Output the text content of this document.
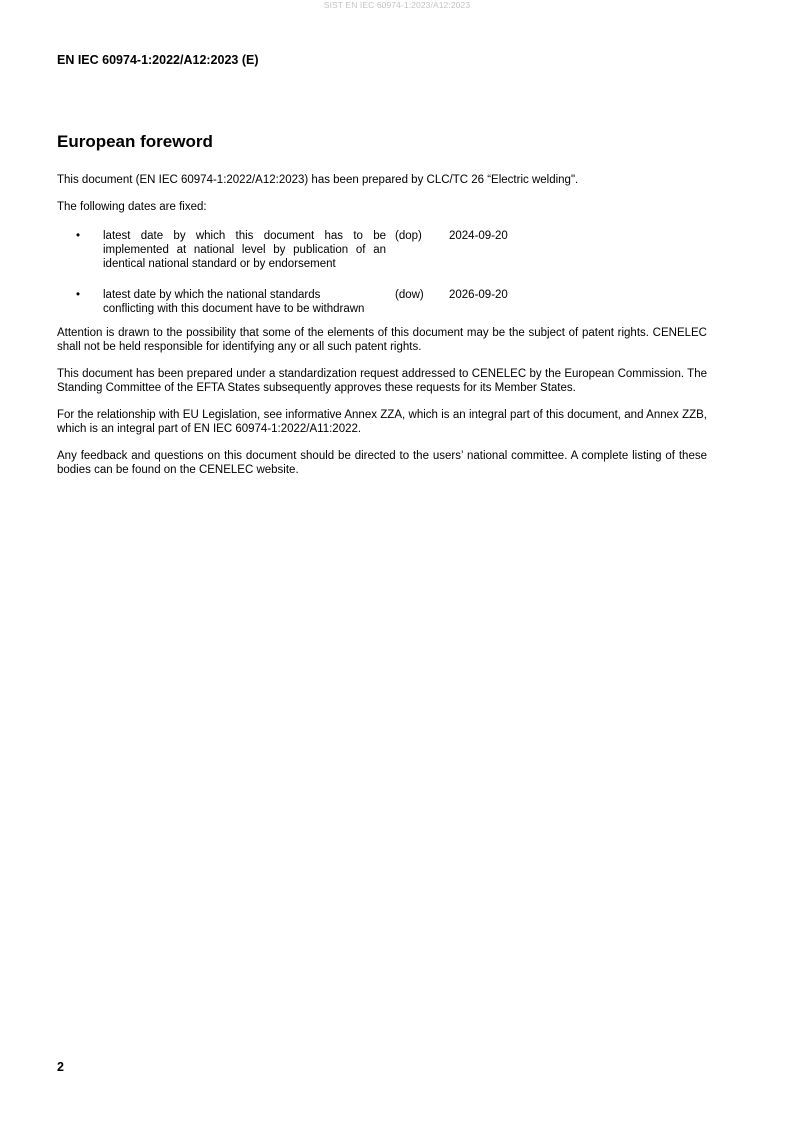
SIST EN IEC 60974-1:2023/A12:2023
EN IEC 60974-1:2022/A12:2023 (E)
European foreword

This document (EN IEC 60974-1:2022/A12:2023) has been prepared by CLC/TC 26 “Electric welding".

The following dates are fixed:

•	latest date by which this document has to be implemented at national level by publication of an identical national standard or by endorsement
(dop) 2024-09-20
•	latest date by which the national standards conflicting with this document have to be withdrawn
(dow) 2026-09-20

Attention is drawn to the possibility that some of the elements of this document may be the subject of patent rights. CENELEC shall not be held responsible for identifying any or all such patent rights.

This document has been prepared under a standardization request addressed to CENELEC by the European Commission. The Standing Committee of the EFTA States subsequently approves these requests for its Member States.

For the relationship with EU Legislation, see informative Annex ZZA, which is an integral part of this document, and Annex ZZB, which is an integral part of EN IEC 60974-1:2022/A11:2022.

Any feedback and questions on this document should be directed to the users’ national committee. A complete listing of these bodies can be found on the CENELEC website.

2
